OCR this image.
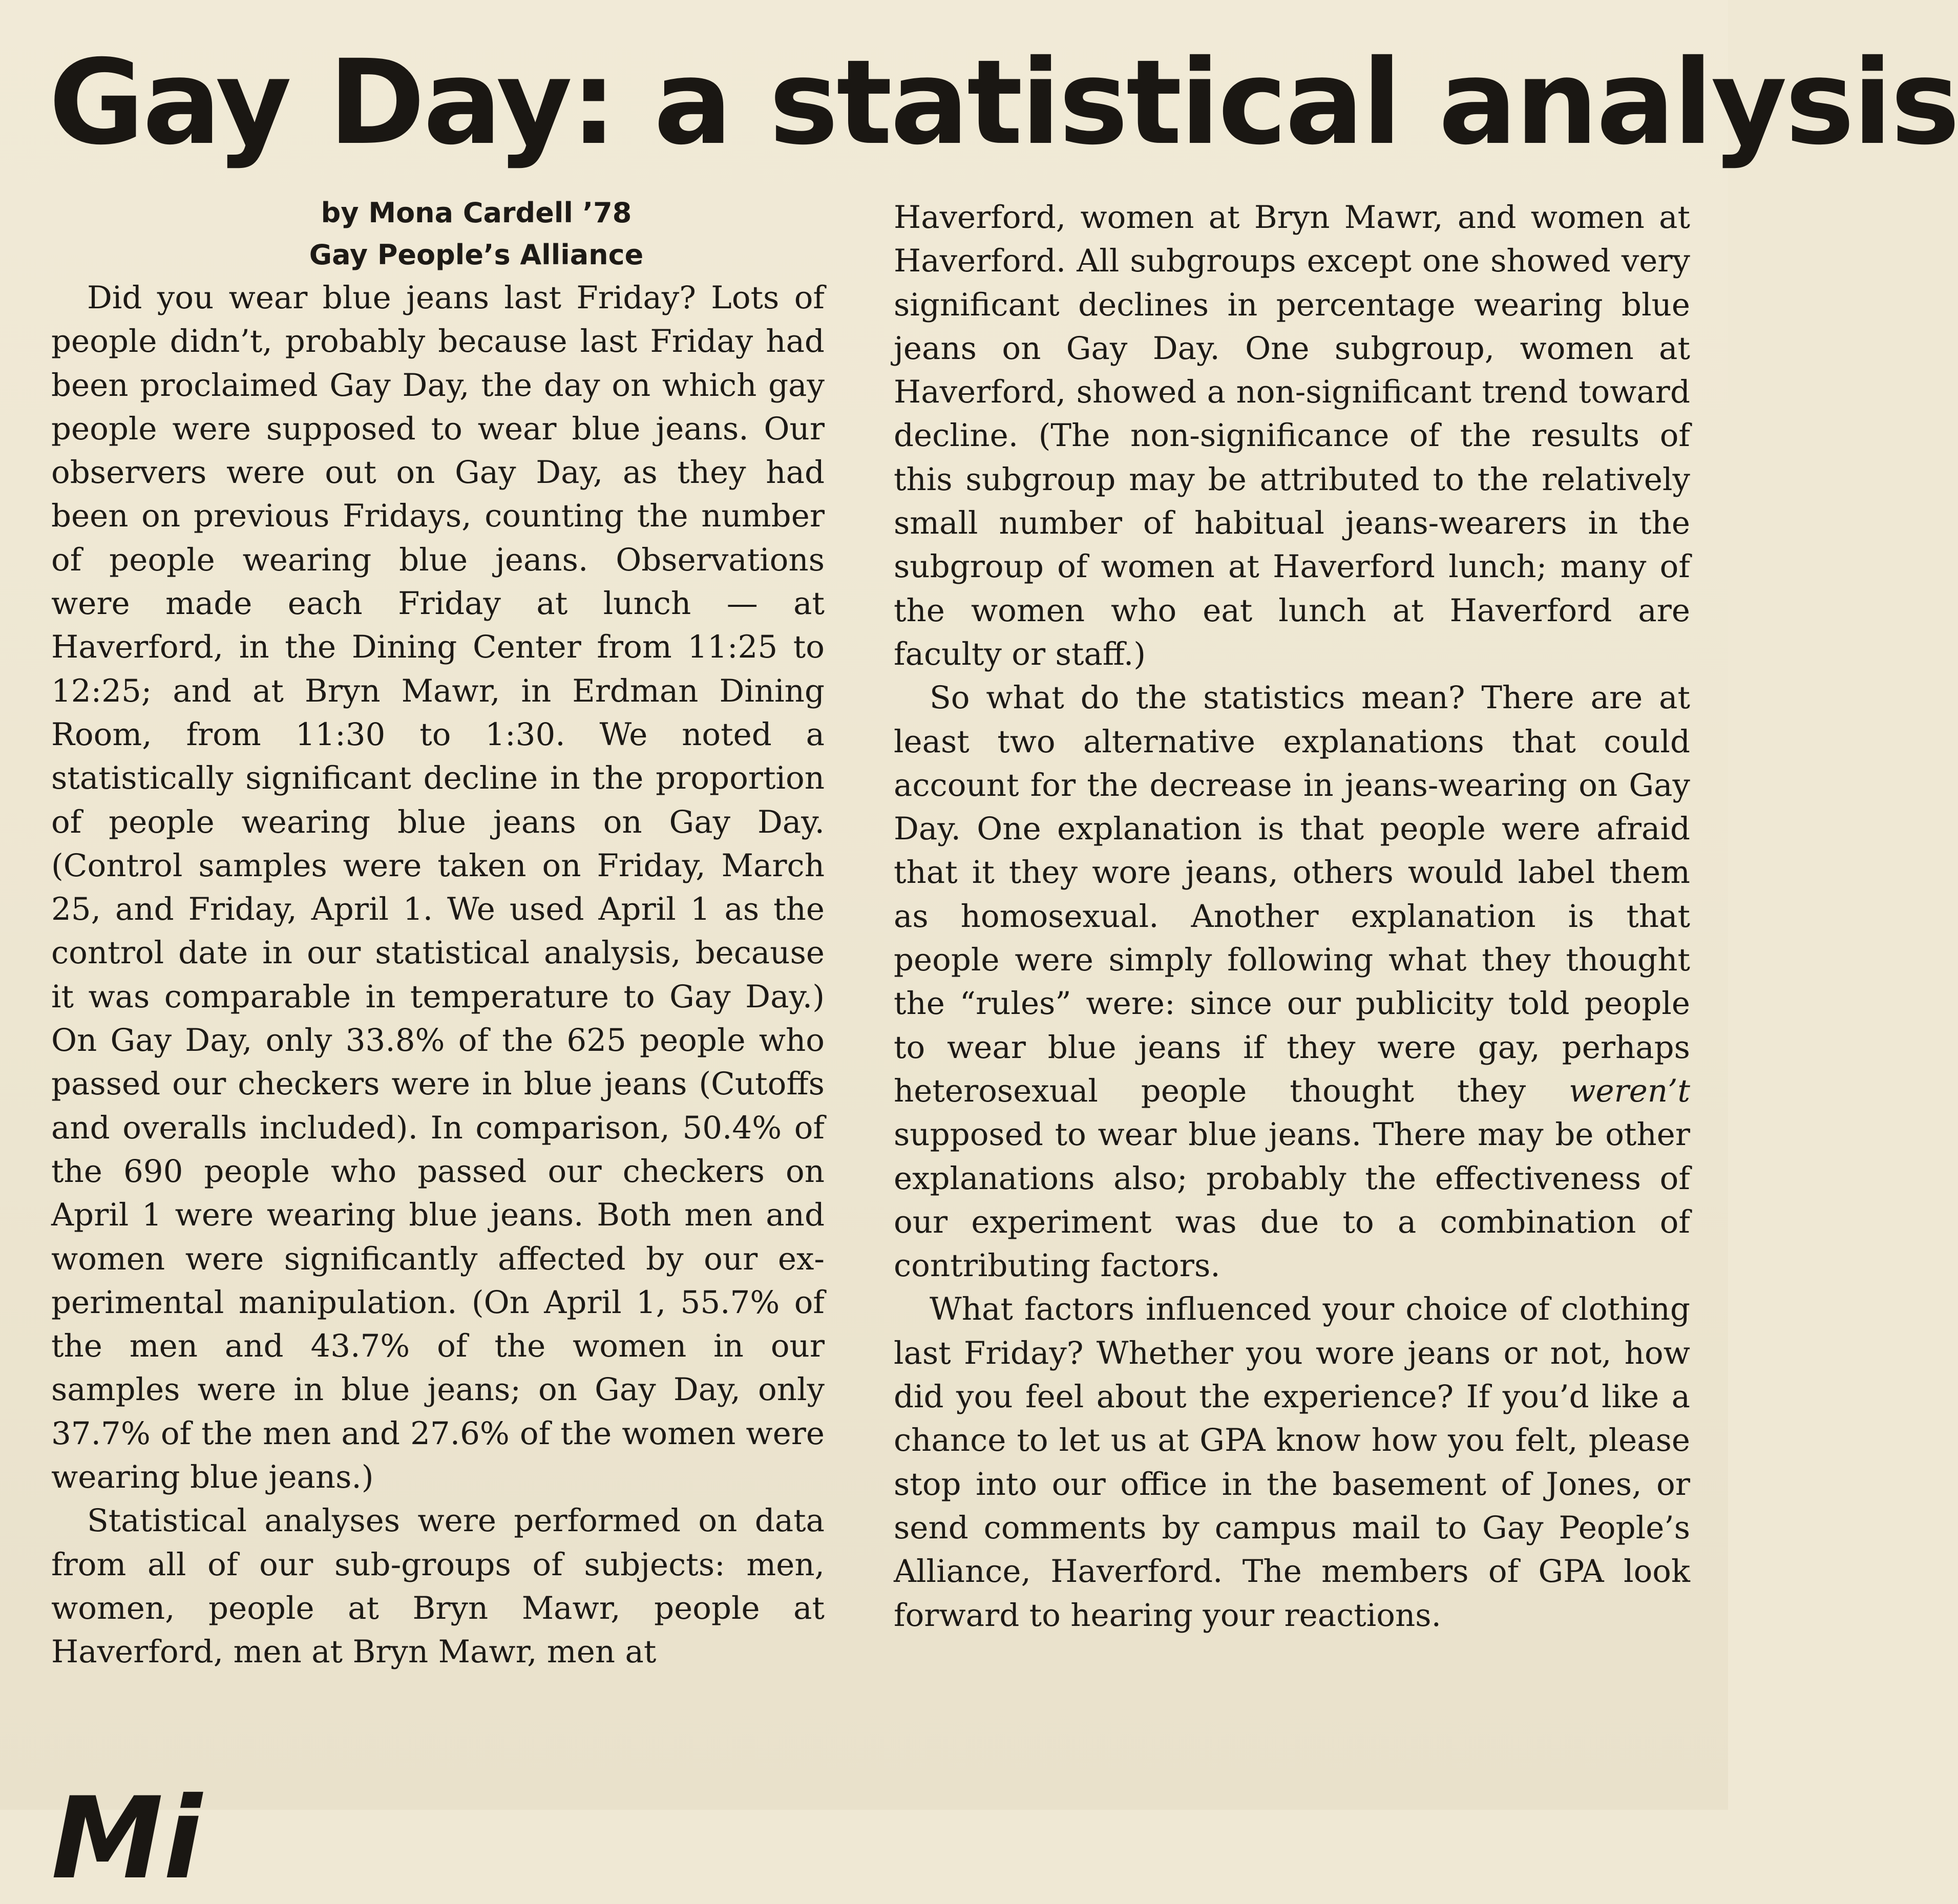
Gay Day: a statistical analysis
by Mona Cardell ’78
Gay People’s Alliance

Did you wear blue jeans last Friday? Lots of people didn’t, probably because last Friday had been proclaimed Gay Day, the day on which gay people were supposed to wear blue jeans. Our observers were out on Gay Day, as they had been on previous Fridays, counting the number of people wearing blue jeans. Observations were made each Friday at lunch — at Haverford, in the Dining Center from 11:25 to 12:25; and at Bryn Mawr, in Erdman Dining Room, from 11:30 to 1:30. We noted a statistically significant decline in the proportion of people wearing blue jeans on Gay Day. (Control samples were taken on Friday, March 25, and Friday, April 1. We used April 1 as the control date in our statistical analysis, because it was comparable in temperature to Gay Day.) On Gay Day, only 33.8% of the 625 people who passed our checkers were in blue jeans (Cutoffs and overalls included). In comparison, 50.4% of the 690 people who passed our checkers on April 1 were wearing blue jeans. Both men and women were significantly affected by our experimental manipulation. (On April 1, 55.7% of the men and 43.7% of the women in our samples were in blue jeans; on Gay Day, only 37.7% of the men and 27.6% of the women were wearing blue jeans.)

Statistical analyses were performed on data from all of our sub-groups of subjects: men, women, people at Bryn Mawr, people at Haverford, men at Bryn Mawr, men at

Haverford, women at Bryn Mawr, and women at Haverford. All subgroups except one showed very significant declines in percentage wearing blue jeans on Gay Day. One subgroup, women at Haverford, showed a non-significant trend toward decline. (The non-significance of the results of this subgroup may be attributed to the relatively small number of habitual jeans-wearers in the subgroup of women at Haverford lunch; many of the women who eat lunch at Haverford are faculty or staff.)

So what do the statistics mean? There are at least two alternative explanations that could account for the decrease in jeans-wearing on Gay Day. One explanation is that people were afraid that it they wore jeans, others would label them as homosexual. Another explanation is that people were simply following what they thought the “rules” were: since our publicity told people to wear blue jeans if they were gay, perhaps heterosexual people thought they weren’t supposed to wear blue jeans. There may be other explanations also; probably the effectiveness of our experiment was due to a combination of contributing factors.

What factors influenced your choice of clothing last Friday? Whether you wore jeans or not, how did you feel about the experience? If you’d like a chance to let us at GPA know how you felt, please stop into our office in the basement of Jones, or send comments by campus mail to Gay People’s Alliance, Haverford. The members of GPA look forward to hearing your reactions.

Mi
